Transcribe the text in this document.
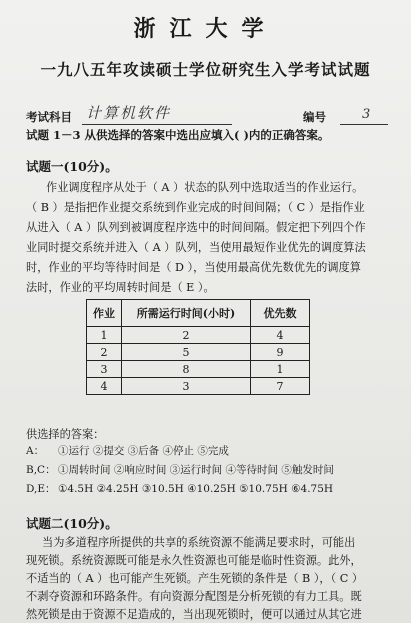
浙江大学
一九八五年攻读硕士学位研究生入学考试试题
考试科目 计算机软件	编号	3
试题 1－3 从供选择的答案中选出应填入( )内的正确答案。
试题一(10分)。
作业调度程序从处于（ A ）状态的队列中选取适当的作业运行。
（ B ）是指把作业提交系统到作业完成的时间间隔；（ C ）是指作业
从进入（ A ）队列到被调度程序选中的时间间隔。假定把下列四个作
业同时提交系统并进入（ A ）队列，当使用最短作业优先的调度算法
时，作业的平均等待时间是（ D ），当使用最高优先数优先的调度算
法时，作业的平均周转时间是（ E ）。
作业	所需运行时间(小时)	优先数
1	2	4
2	5	9
3	8	1
4	3	7
供选择的答案：
A： ①运行 ②提交 ③后备 ④停止 ⑤完成
B,C： ①周转时间 ②响应时间 ③运行时间 ④等待时间 ⑤触发时间
D,E： ①4.5H ②4.25H ③10.5H ④10.25H ⑤10.75H ⑥4.75H
试题二(10分)。
当为多道程序所提供的共享的系统资源不能满足要求时，可能出
现死锁。系统资源既可能是永久性资源也可能是临时性资源。此外，
不适当的（ A ）也可能产生死锁。产生死锁的条件是（ B ），（ C ）
不剥夺资源和环路条件。有向资源分配图是分析死锁的有力工具。既
然死锁是由于资源不足造成的，当出现死锁时，便可以通过从其它进
